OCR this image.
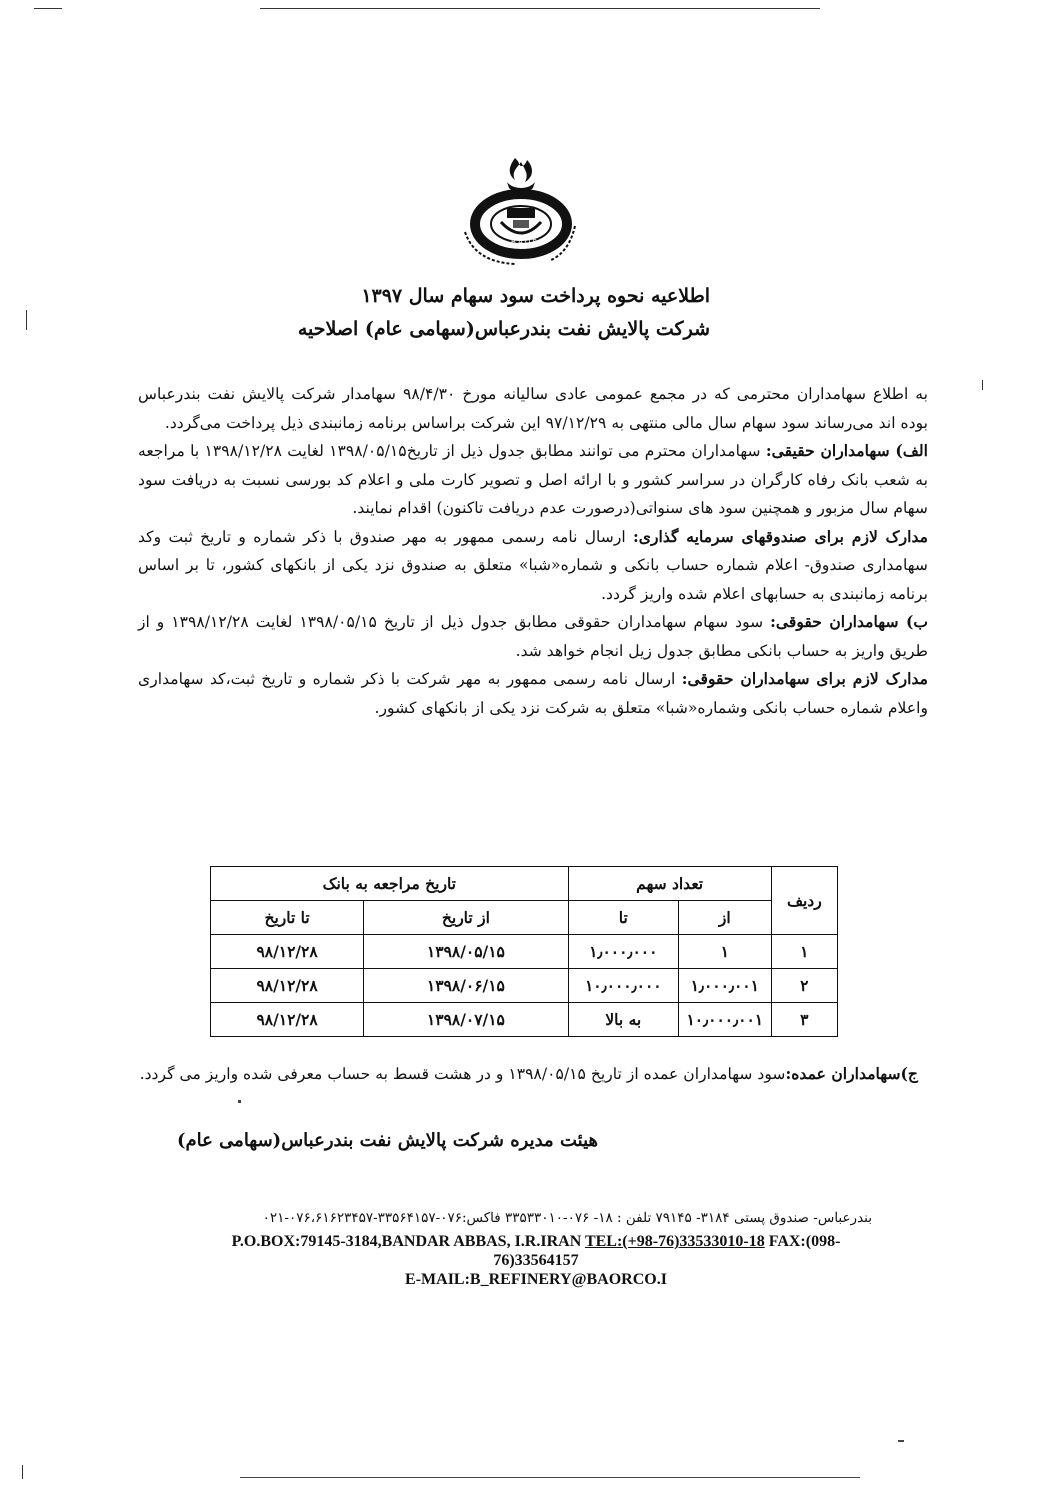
B.A.O.R.C
اطلاعیه نحوه پرداخت سود سهام سال ۱۳۹۷
شرکت پالایش نفت بندرعباس(سهامی عام) اصلاحیه

به اطلاع سهامداران محترمی که در مجمع عمومی عادی سالیانه مورخ ۹۸/۴/۳۰ سهامدار شرکت پالایش نفت بندرعباس بوده اند می‌رساند سود سهام سال مالی منتهی به ۹۷/۱۲/۲۹ این شرکت براساس برنامه زمانبندی ذیل پرداخت می‌گردد.

الف) سهامداران حقیقی: سهامداران محترم می توانند مطابق جدول ذیل از تاریخ۱۳۹۸/۰۵/۱۵ لغایت ۱۳۹۸/۱۲/۲۸ با مراجعه به شعب بانک رفاه کارگران در سراسر کشور و با ارائه اصل و تصویر کارت ملی و اعلام کد بورسی نسبت به دریافت سود سهام سال مزبور و همچنین سود های سنواتی(درصورت عدم دریافت تاکنون) اقدام نمایند.

مدارک لازم برای صندوقهای سرمایه گذاری: ارسال نامه رسمی ممهور به مهر صندوق با ذکر شماره و تاریخ ثبت وکد سهامداری صندوق- اعلام شماره حساب بانکی و شماره«شبا» متعلق به صندوق نزد یکی از بانکهای کشور، تا بر اساس برنامه زمانبندی به حسابهای اعلام شده واریز گردد.

ب) سهامداران حقوقی: سود سهام سهامداران حقوقی مطابق جدول ذیل از تاریخ ۱۳۹۸/۰۵/۱۵ لغایت ۱۳۹۸/۱۲/۲۸ و از طریق واریز به حساب بانکی مطابق جدول زیل انجام خواهد شد.

مدارک لازم برای سهامداران حقوقی: ارسال نامه رسمی ممهور به مهر شرکت با ذکر شماره و تاریخ ثبت،کد سهامداری واعلام شماره حساب بانکی وشماره«شبا» متعلق به شرکت نزد یکی از بانکهای کشور.

ردیف	تعداد سهم		تاریخ مراجعه به بانک	
	از	تا	از تاریخ	تا تاریخ
۱	۱	۱٫۰۰۰٫۰۰۰	۱۳۹۸/۰۵/۱۵	۹۸/۱۲/۲۸
۲	۱٫۰۰۰٫۰۰۱	۱۰٫۰۰۰٫۰۰۰	۱۳۹۸/۰۶/۱۵	۹۸/۱۲/۲۸
۳	۱۰٫۰۰۰٫۰۰۱	به بالا	۱۳۹۸/۰۷/۱۵	۹۸/۱۲/۲۸
ج)سهامداران عمده:سود سهامداران عمده از تاریخ ۱۳۹۸/۰۵/۱۵ و در هشت قسط به حساب معرفی شده واریز می گردد.
هیئت مدیره شرکت پالایش نفت بندرعباس(سهامی عام)
بندرعباس- صندوق پستی ۳۱۸۴- ۷۹۱۴۵ تلفن : ۱۸- ۰۷۶-۳۳۵۳۳۰۱۰ فاکس:۰۷۶-۳۳۵۶۴۱۵۷-۰۷۶،۶۱۶۲۳۴۵۷-۰۲۱
P.O.BOX:79145-3184,BANDAR ABBAS, I.R.IRAN TEL:(+98-76)33533010-18 FAX:(098-
76)33564157
E-MAIL:B_REFINERY@BAORCO.I
